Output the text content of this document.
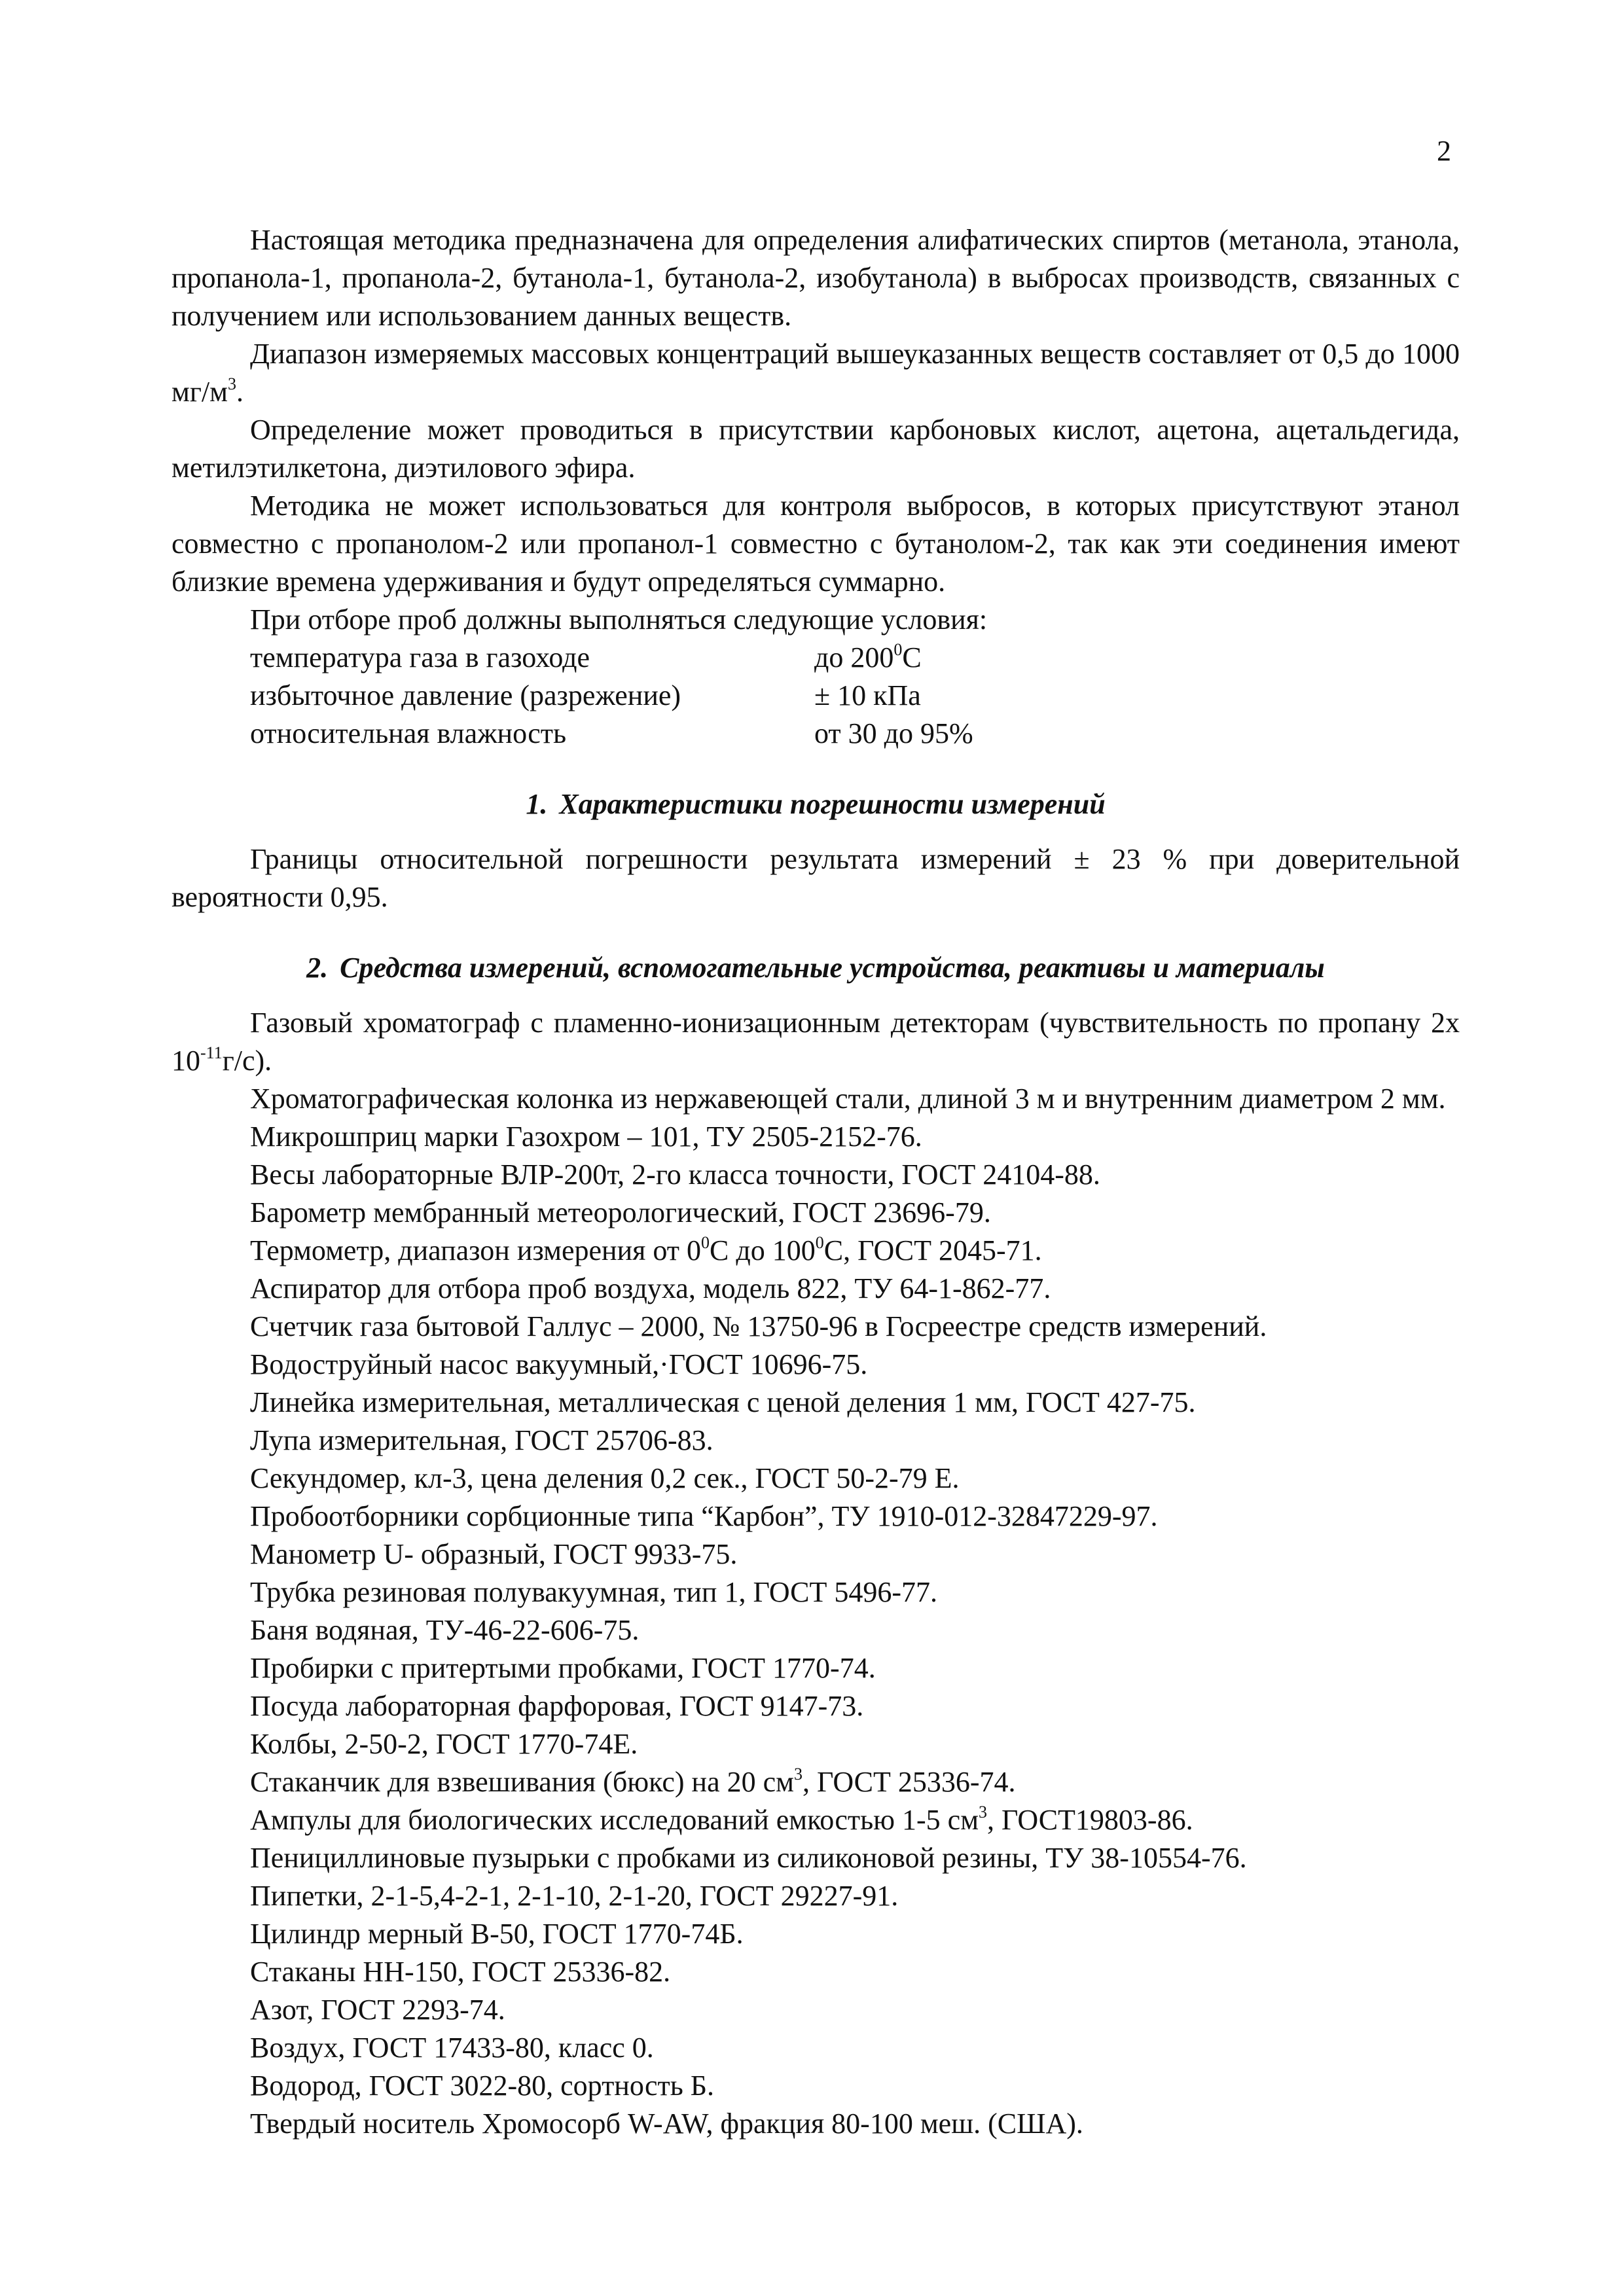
2

Настоящая методика предназначена для определения алифатических спиртов (метанола, этанола, пропанола-1, пропанола-2, бутанола-1, бутанола-2, изобутанола) в выбросах производств, связанных с получением или использованием данных веществ.

Диапазон измеряемых массовых концентраций вышеуказанных веществ составляет от 0,5 до 1000 $мг/м^3$.

Определение может проводиться в присутствии карбоновых кислот, ацетона, ацетальдегида, метилэтилкетона, диэтилового эфира.

Методика не может использоваться для контроля выбросов, в которых присутствуют этанол совместно с пропанолом-2 или пропанол-1 совместно с бутанолом-2, так как эти соединения имеют близкие времена удерживания и будут определяться суммарно.

При отборе проб должны выполняться следующие условия:
температура газа в газоходе	до $200^0С$
избыточное давление (разрежение)	± 10 кПа
относительная влажность	от 30 до 95%
1. Характеристики погрешности измерений

Границы относительной погрешности результата измерений ± 23 % при доверительной вероятности 0,95.

2. Средства измерений, вспомогательные устройства, реактивы и материалы

Газовый хроматограф с пламенно-ионизационным детекторам (чувствительность по пропану 2х $10^{-11}г/с$).

Хроматографическая колонка из нержавеющей стали, длиной 3 м и внутренним диаметром 2 мм.

Микрошприц марки Газохром – 101, ТУ 2505-2152-76.
Весы лабораторные ВЛР-200т, 2-го класса точности, ГОСТ 24104-88.
Барометр мембранный метеорологический, ГОСТ 23696-79.
Термометр, диапазон измерения от $0^0С$ до $100^0С$, ГОСТ 2045-71.
Аспиратор для отбора проб воздуха, модель 822, ТУ 64-1-862-77.
Счетчик газа бытовой Галлус – 2000, № 13750-96 в Госреестре средств измерений.
Водоструйный насос вакуумный,·ГОСТ 10696-75.
Линейка измерительная, металлическая с ценой деления 1 мм, ГОСТ 427-75.
Лупа измерительная, ГОСТ 25706-83.
Секундомер, кл-3, цена деления 0,2 сек., ГОСТ 50-2-79 Е.
Пробоотборники сорбционные типа “Карбон”, ТУ 1910-012-32847229-97.
Манометр U- образный, ГОСТ 9933-75.
Трубка резиновая полувакуумная, тип 1, ГОСТ 5496-77.
Баня водяная, ТУ-46-22-606-75.
Пробирки с притертыми пробками, ГОСТ 1770-74.
Посуда лабораторная фарфоровая, ГОСТ 9147-73.
Колбы, 2-50-2, ГОСТ 1770-74Е.
Стаканчик для взвешивания (бюкс) на 20 $см^3$, ГОСТ 25336-74.
Ампулы для биологических исследований емкостью 1-5 $см^3$, ГОСТ19803-86.
Пенициллиновые пузырьки с пробками из силиконовой резины, ТУ 38-10554-76.
Пипетки, 2-1-5,4-2-1, 2-1-10, 2-1-20, ГОСТ 29227-91.
Цилиндр мерный В-50, ГОСТ 1770-74Б.
Стаканы НН-150, ГОСТ 25336-82.
Азот, ГОСТ 2293-74.
Воздух, ГОСТ 17433-80, класс 0.
Водород, ГОСТ 3022-80, сортность Б.
Твердый носитель Хромосорб W-AW, фракция 80-100 меш. (США).
